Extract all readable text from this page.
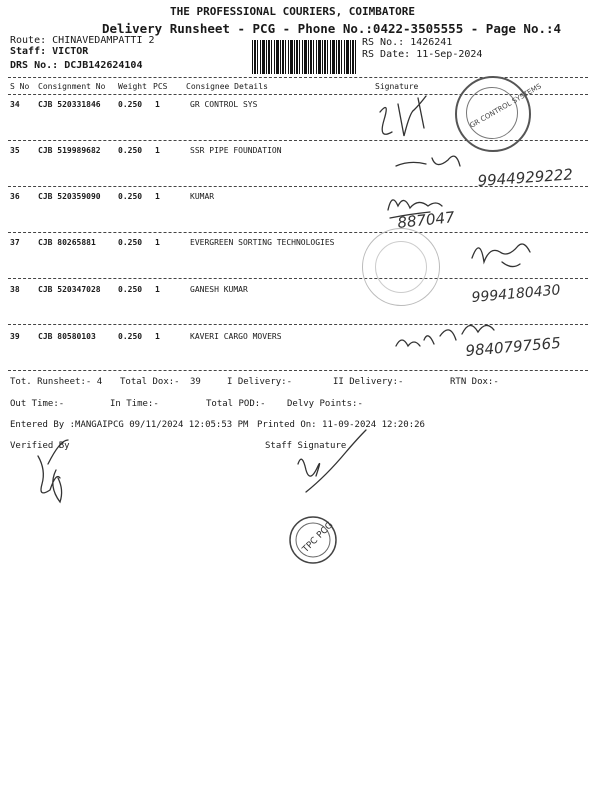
THE PROFESSIONAL COURIERS, COIMBATORE
Delivery Runsheet - PCG - Phone No.:0422-3505555 - Page No.:4
Route: CHINAVEDAMPATTI 2
Staff: VICTOR
DRS No.: DCJB142624104
RS No.: 1426241
RS Date: 11-Sep-2024
S No Consignment No Weight PCS Consignee Details	Signature
34 CJB 520331846 0.250 1	GR CONTROL SYS
35 CJB 519989682 0.250 1	SSR PIPE FOUNDATION
36 CJB 520359090 0.250 1	KUMAR
37 CJB 80265881	0.250 1	EVERGREEN SORTING TECHNOLOGIES
38 CJB 520347028 0.250 1	GANESH KUMAR
39 CJB 80580103	0.250 1	KAVERI CARGO MOVERS
GR CONTROL SYSTEMS
9944929222
887047
9994180430
9840797565
TPC PCG
Tot. Runsheet:- 4 Total Dox:- 39	I Delivery:-	II Delivery:-	RTN Dox:-
Out Time:-	In Time:-	Total POD:- Delvy Points:-
Entered By :MANGAIPCG 09/11/2024 12:05:53 PM Printed On: 11-09-2024 12:20:26
Verified By	Staff Signature
